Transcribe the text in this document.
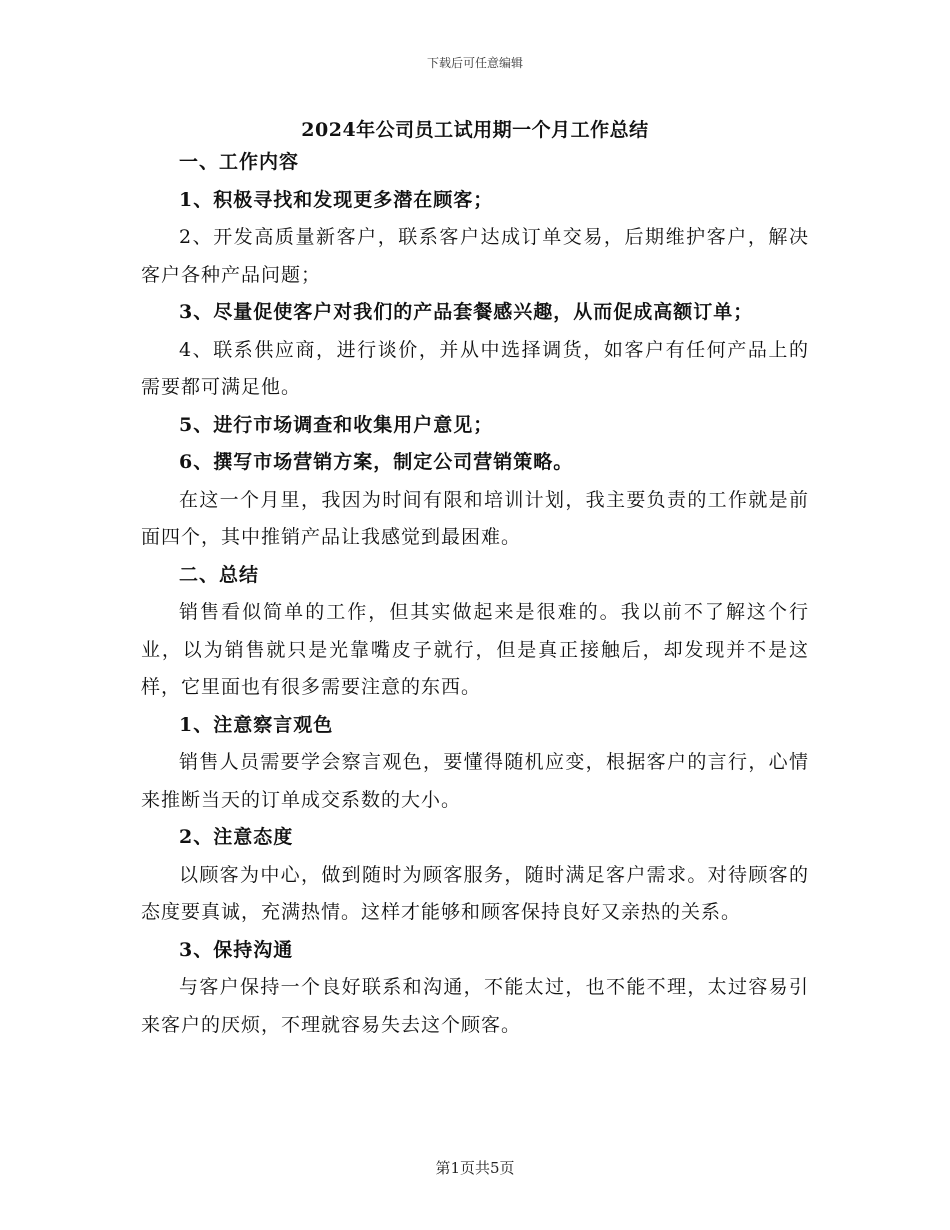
下载后可任意编辑
2024年公司员工试用期一个月工作总结

一、工作内容

1、积极寻找和发现更多潜在顾客；

2、开发高质量新客户，联系客户达成订单交易，后期维护客户，解决客户各种产品问题；

3、尽量促使客户对我们的产品套餐感兴趣，从而促成高额订单；

4、联系供应商，进行谈价，并从中选择调货，如客户有任何产品上的需要都可满足他。

5、进行市场调查和收集用户意见；

6、撰写市场营销方案，制定公司营销策略。

在这一个月里，我因为时间有限和培训计划，我主要负责的工作就是前面四个，其中推销产品让我感觉到最困难。

二、总结

销售看似简单的工作，但其实做起来是很难的。我以前不了解这个行业，以为销售就只是光靠嘴皮子就行，但是真正接触后，却发现并不是这样，它里面也有很多需要注意的东西。

1、注意察言观色

销售人员需要学会察言观色，要懂得随机应变，根据客户的言行，心情来推断当天的订单成交系数的大小。

2、注意态度

以顾客为中心，做到随时为顾客服务，随时满足客户需求。对待顾客的态度要真诚，充满热情。这样才能够和顾客保持良好又亲热的关系。

3、保持沟通

与客户保持一个良好联系和沟通，不能太过，也不能不理，太过容易引来客户的厌烦，不理就容易失去这个顾客。

第1页共5页
